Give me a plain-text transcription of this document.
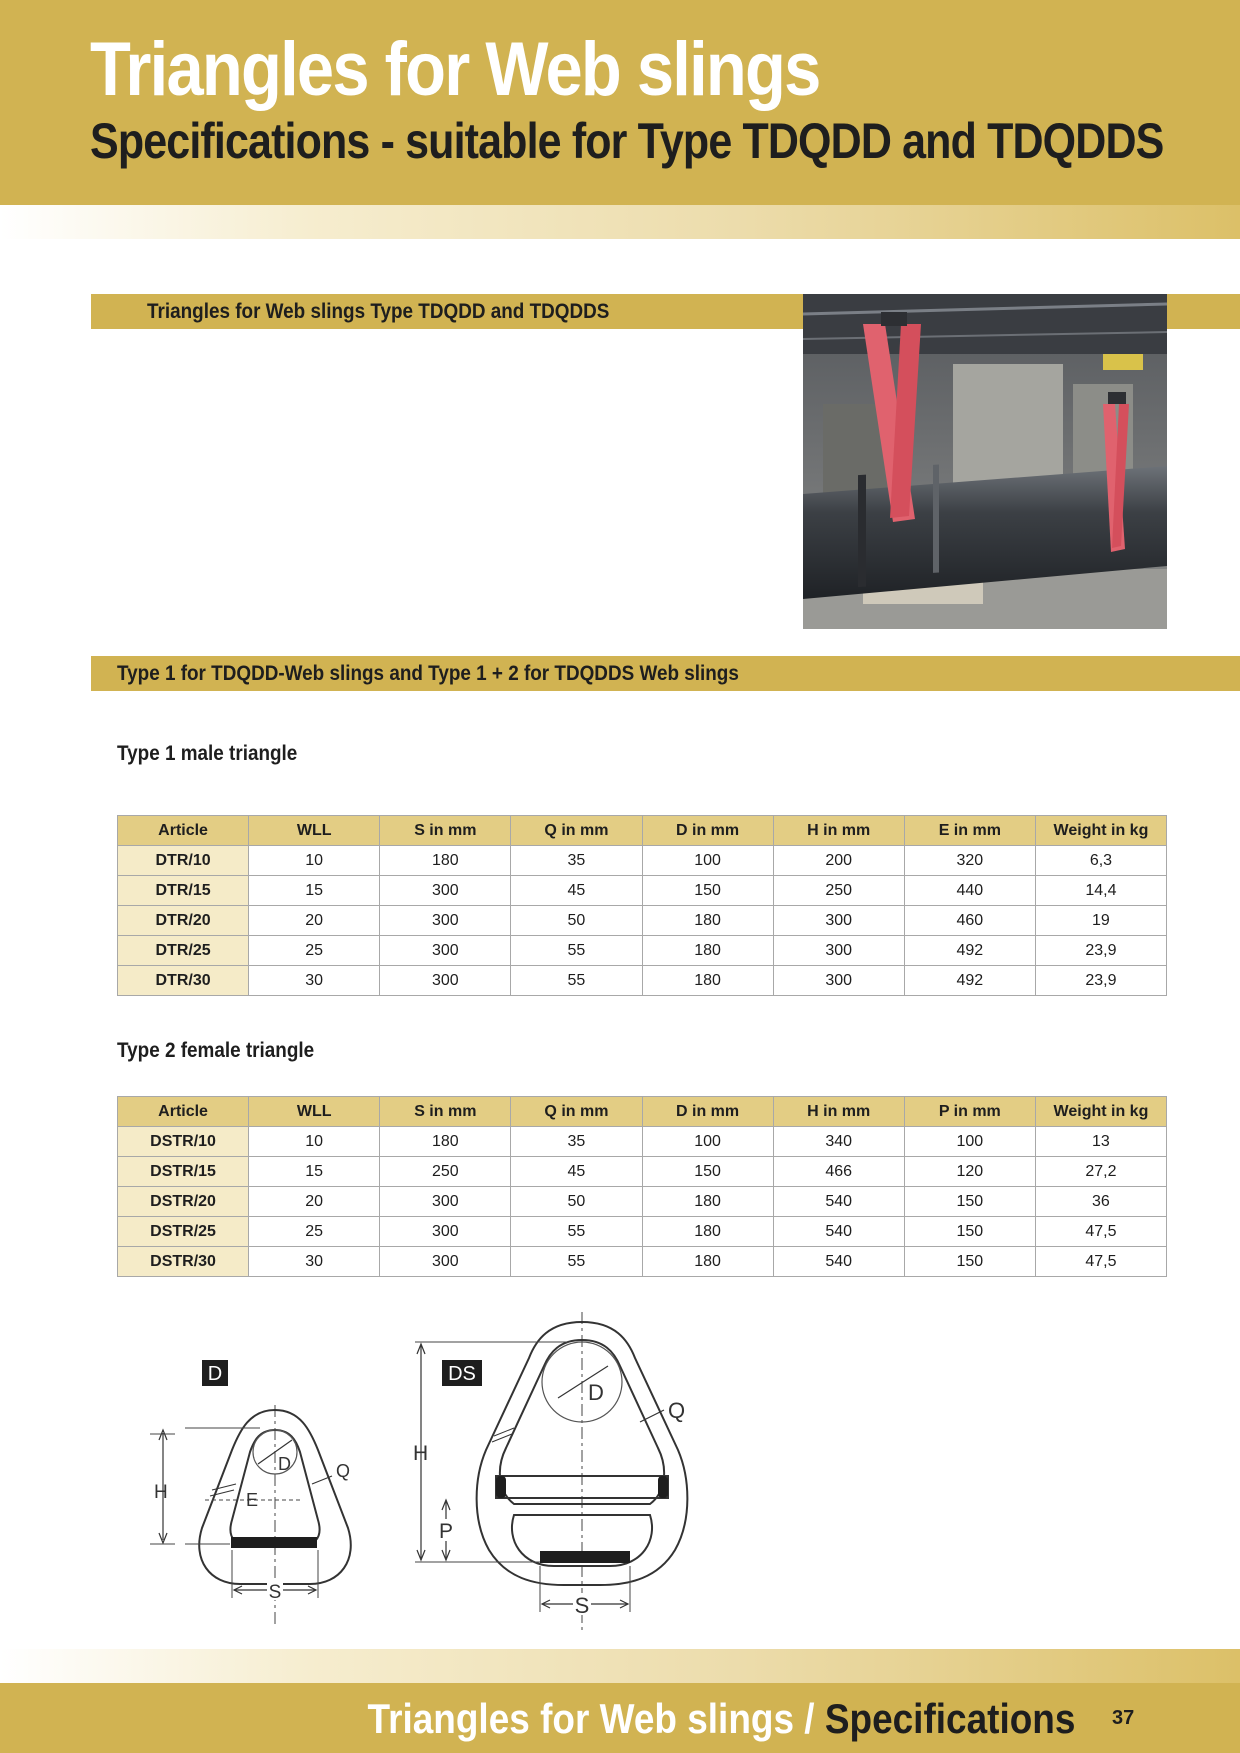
Triangles for Web slings
Specifications - suitable for Type TDQDD and TDQDDS
Triangles for Web slings Type TDQDD and TDQDDS
Type 1 for TDQDD-Web slings and Type 1 + 2 for TDQDDS Web slings
Type 1 male triangle
Article	WLL	S in mm	Q in mm	D in mm	H in mm	E in mm	Weight in kg
DTR/10	10	180	35	100	200	320	6,3
DTR/15	15	300	45	150	250	440	14,4
DTR/20	20	300	50	180	300	460	19
DTR/25	25	300	55	180	300	492	23,9
DTR/30	30	300	55	180	300	492	23,9
Type 2 female triangle
Article	WLL	S in mm	Q in mm	D in mm	H in mm	P in mm	Weight in kg
DSTR/10	10	180	35	100	340	100	13
DSTR/15	15	250	45	150	466	120	27,2
DSTR/20	20	300	50	180	540	150	36
DSTR/25	25	300	55	180	540	150	47,5
DSTR/30	30	300	55	180	540	150	47,5
D
H
D	Q
E
S
DS
H
P
D
Q
S
Triangles for Web slings / Specifications 37
